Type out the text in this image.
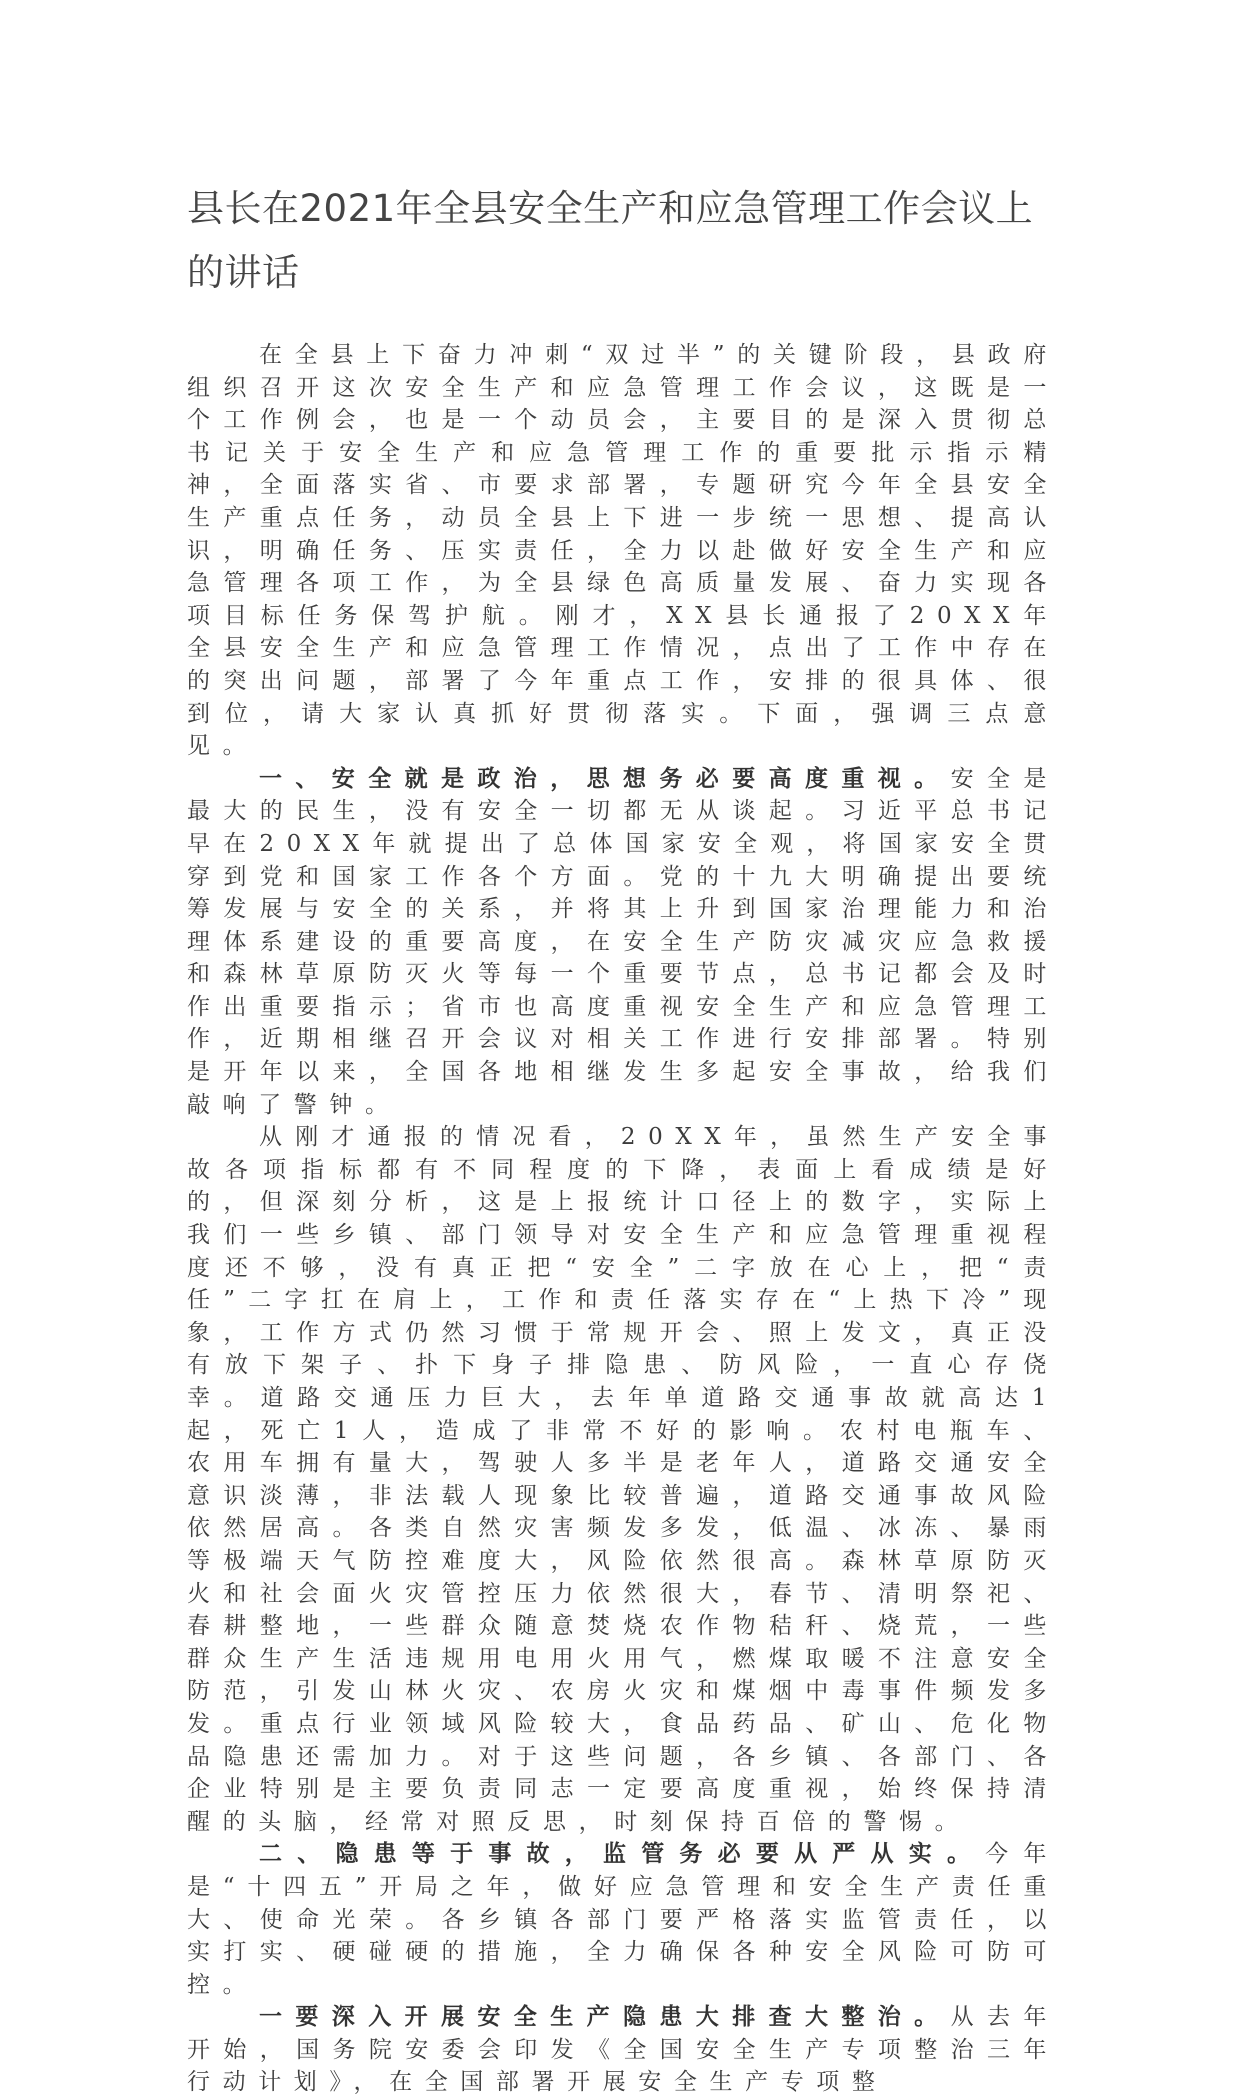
县长在2021年全县安全生产和应急管理工作会议上的讲话

在全县上下奋力冲刺“双过半”的关键阶段，县政府组织召开这次安全生产和应急管理工作会议，这既是一个工作例会，也是一个动员会，主要目的是深入贯彻总书记关于安全生产和应急管理工作的重要批示指示精神，全面落实省、市要求部署，专题研究今年全县安全生产重点任务，动员全县上下进一步统一思想、提高认识，明确任务、压实责任，全力以赴做好安全生产和应急管理各项工作，为全县绿色高质量发展、奋力实现各项目标任务保驾护航。刚才，XX县长通报了20XX年全县安全生产和应急管理工作情况，点出了工作中存在的突出问题，部署了今年重点工作，安排的很具体、很到位，请大家认真抓好贯彻落实。下面，强调三点意见。

一、安全就是政治，思想务必要高度重视。安全是最大的民生，没有安全一切都无从谈起。习近平总书记早在20XX年就提出了总体国家安全观，将国家安全贯穿到党和国家工作各个方面。党的十九大明确提出要统筹发展与安全的关系，并将其上升到国家治理能力和治理体系建设的重要高度，在安全生产防灾减灾应急救援和森林草原防灭火等每一个重要节点，总书记都会及时作出重要指示；省市也高度重视安全生产和应急管理工作，近期相继召开会议对相关工作进行安排部署。特别是开年以来，全国各地相继发生多起安全事故，给我们敲响了警钟。

从刚才通报的情况看，20XX年，虽然生产安全事故各项指标都有不同程度的下降，表面上看成绩是好的，但深刻分析，这是上报统计口径上的数字，实际上我们一些乡镇、部门领导对安全生产和应急管理重视程度还不够，没有真正把“安全”二字放在心上，把“责任”二字扛在肩上，工作和责任落实存在“上热下冷”现象，工作方式仍然习惯于常规开会、照上发文，真正没有放下架子、扑下身子排隐患、防风险，一直心存侥幸。道路交通压力巨大，去年单道路交通事故就高达1起，死亡1人，造成了非常不好的影响。农村电瓶车、农用车拥有量大，驾驶人多半是老年人，道路交通安全意识淡薄，非法载人现象比较普遍，道路交通事故风险依然居高。各类自然灾害频发多发，低温、冰冻、暴雨等极端天气防控难度大，风险依然很高。森林草原防灭火和社会面火灾管控压力依然很大，春节、清明祭祀、春耕整地，一些群众随意焚烧农作物秸秆、烧荒，一些群众生产生活违规用电用火用气，燃煤取暖不注意安全防范，引发山林火灾、农房火灾和煤烟中毒事件频发多发。重点行业领域风险较大，食品药品、矿山、危化物品隐患还需加力。对于这些问题，各乡镇、各部门、各企业特别是主要负责同志一定要高度重视，始终保持清醒的头脑，经常对照反思，时刻保持百倍的警惕。

二、隐患等于事故，监管务必要从严从实。今年是“十四五”开局之年，做好应急管理和安全生产责任重大、使命光荣。各乡镇各部门要严格落实监管责任，以实打实、硬碰硬的措施，全力确保各种安全风险可防可控。

一要深入开展安全生产隐患大排查大整治。从去年开始，国务院安委会印发《全国安全生产专项整治三年行动计划》，在全国部署开展安全生产专项整
